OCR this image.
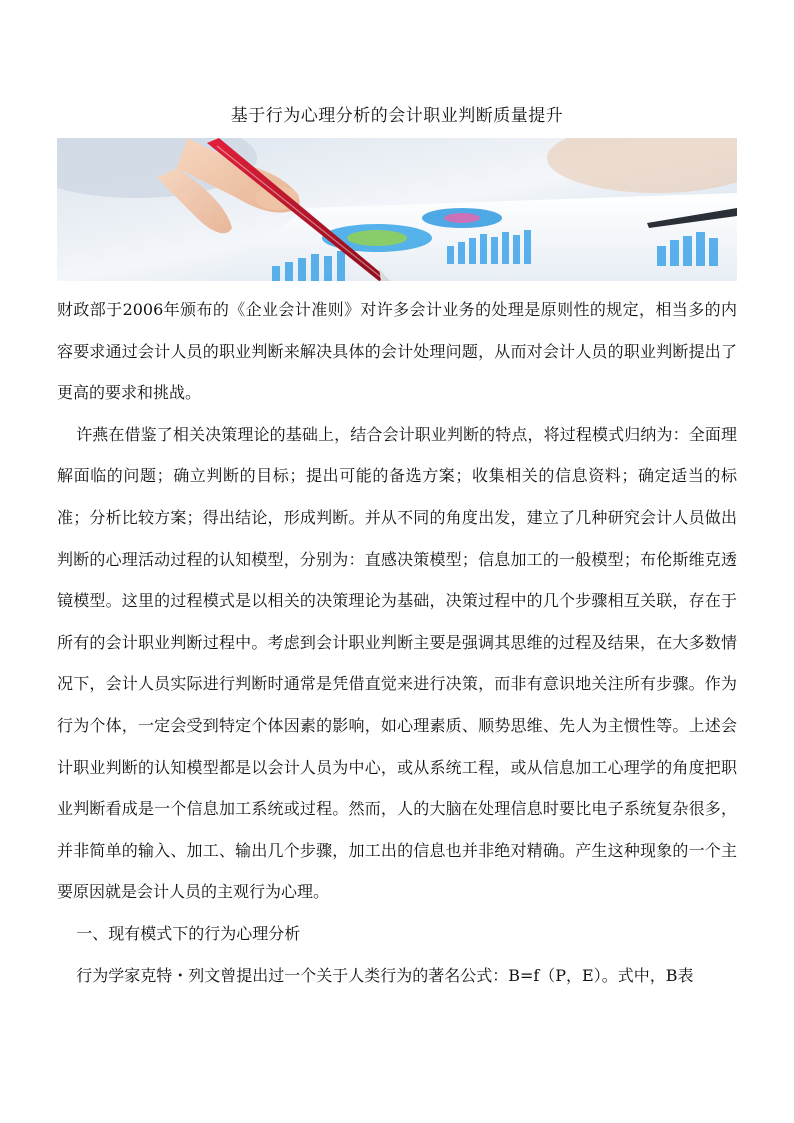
基于行为心理分析的会计职业判断质量提升

财政部于2006年颁布的《企业会计准则》对许多会计业务的处理是原则性的规定，相当多的内容要求通过会计人员的职业判断来解决具体的会计处理问题，从而对会计人员的职业判断提出了更高的要求和挑战。

许燕在借鉴了相关决策理论的基础上，结合会计职业判断的特点，将过程模式归纳为：全面理解面临的问题；确立判断的目标；提出可能的备选方案；收集相关的信息资料；确定适当的标准；分析比较方案；得出结论，形成判断。并从不同的角度出发，建立了几种研究会计人员做出判断的心理活动过程的认知模型，分别为：直感决策模型；信息加工的一般模型；布伦斯维克透镜模型。这里的过程模式是以相关的决策理论为基础，决策过程中的几个步骤相互关联，存在于所有的会计职业判断过程中。考虑到会计职业判断主要是强调其思维的过程及结果，在大多数情况下，会计人员实际进行判断时通常是凭借直觉来进行决策，而非有意识地关注所有步骤。作为行为个体，一定会受到特定个体因素的影响，如心理素质、顺势思维、先人为主惯性等。上述会计职业判断的认知模型都是以会计人员为中心，或从系统工程，或从信息加工心理学的角度把职业判断看成是一个信息加工系统或过程。然而，人的大脑在处理信息时要比电子系统复杂很多，并非简单的输入、加工、输出几个步骤，加工出的信息也并非绝对精确。产生这种现象的一个主要原因就是会计人员的主观行为心理。

一、现有模式下的行为心理分析

行为学家克特・列文曾提出过一个关于人类行为的著名公式：B=f（P，E）。式中，B表
